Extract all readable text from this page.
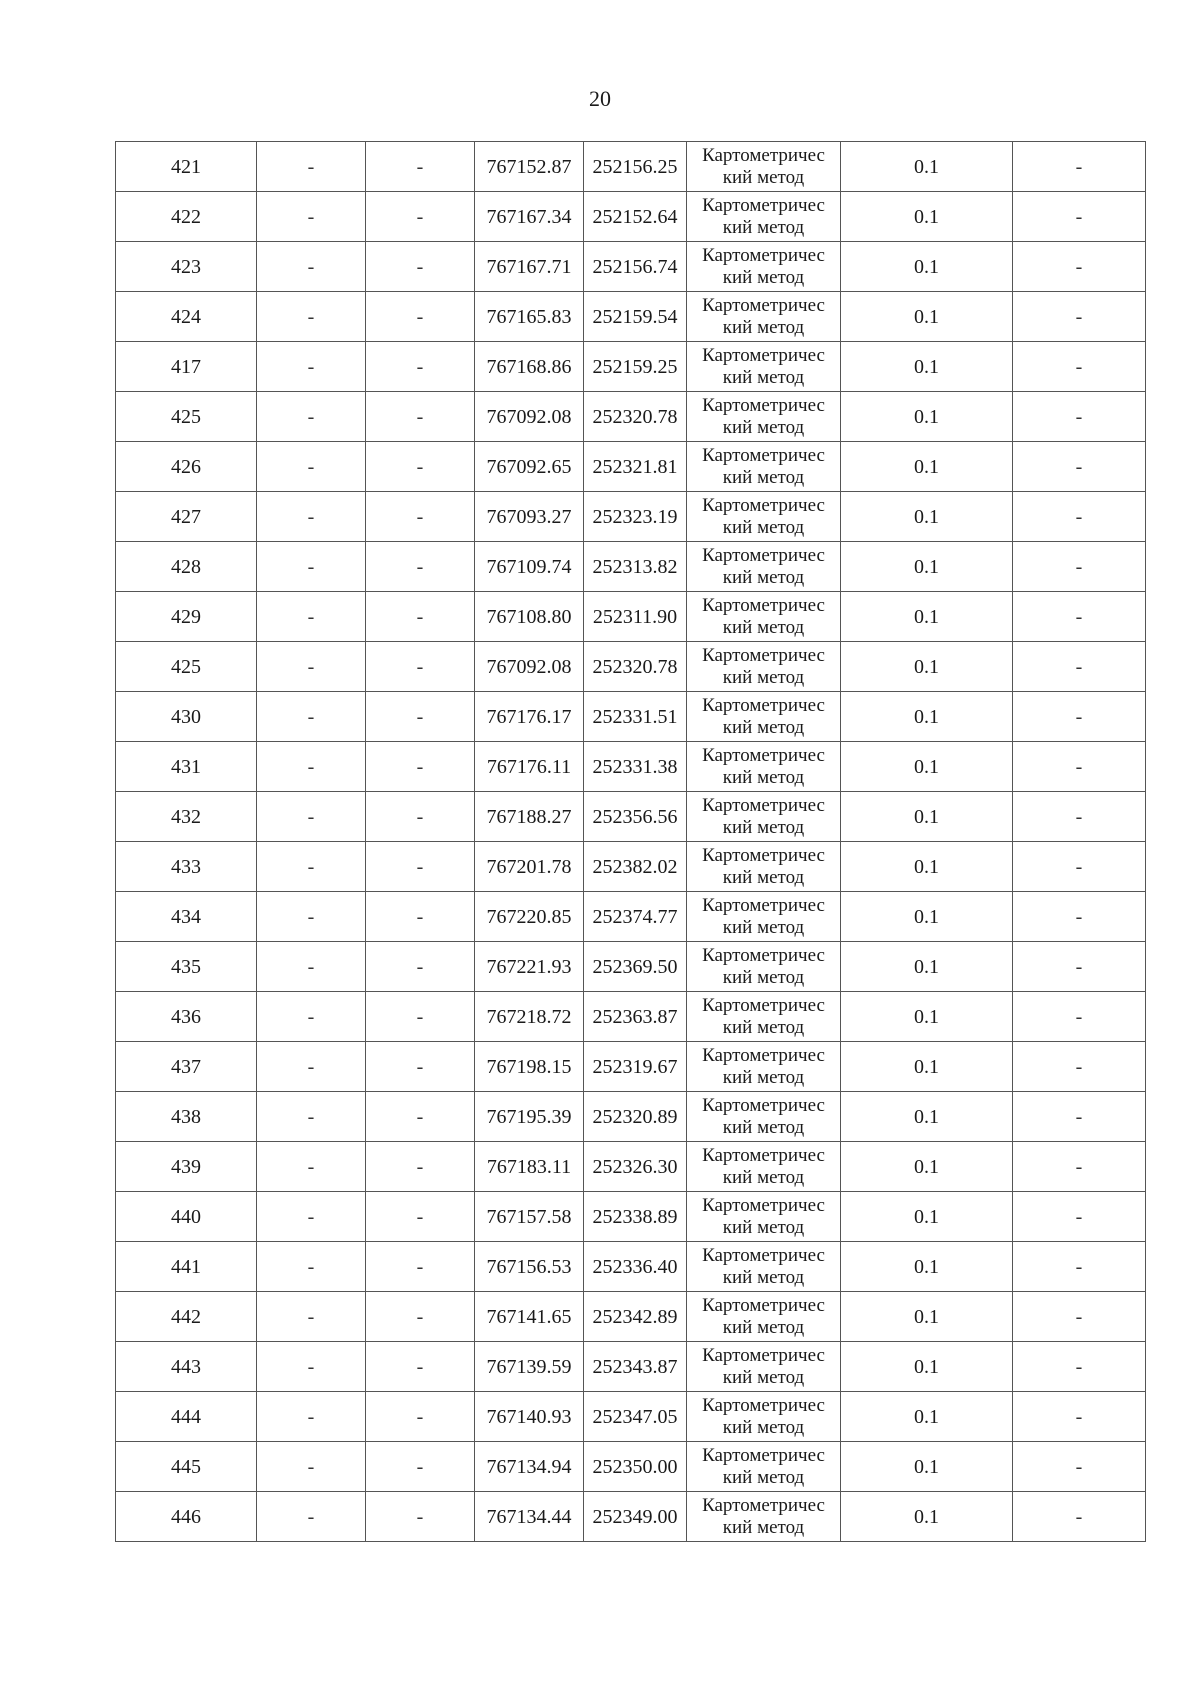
20
421	-	-	767152.87	252156.25	Картометричес
кий метод	0.1	-
422	-	-	767167.34	252152.64	Картометричес
кий метод	0.1	-
423	-	-	767167.71	252156.74	Картометричес
кий метод	0.1	-
424	-	-	767165.83	252159.54	Картометричес
кий метод	0.1	-
417	-	-	767168.86	252159.25	Картометричес
кий метод	0.1	-
425	-	-	767092.08	252320.78	Картометричес
кий метод	0.1	-
426	-	-	767092.65	252321.81	Картометричес
кий метод	0.1	-
427	-	-	767093.27	252323.19	Картометричес
кий метод	0.1	-
428	-	-	767109.74	252313.82	Картометричес
кий метод	0.1	-
429	-	-	767108.80	252311.90	Картометричес
кий метод	0.1	-
425	-	-	767092.08	252320.78	Картометричес
кий метод	0.1	-
430	-	-	767176.17	252331.51	Картометричес
кий метод	0.1	-
431	-	-	767176.11	252331.38	Картометричес
кий метод	0.1	-
432	-	-	767188.27	252356.56	Картометричес
кий метод	0.1	-
433	-	-	767201.78	252382.02	Картометричес
кий метод	0.1	-
434	-	-	767220.85	252374.77	Картометричес
кий метод	0.1	-
435	-	-	767221.93	252369.50	Картометричес
кий метод	0.1	-
436	-	-	767218.72	252363.87	Картометричес
кий метод	0.1	-
437	-	-	767198.15	252319.67	Картометричес
кий метод	0.1	-
438	-	-	767195.39	252320.89	Картометричес
кий метод	0.1	-
439	-	-	767183.11	252326.30	Картометричес
кий метод	0.1	-
440	-	-	767157.58	252338.89	Картометричес
кий метод	0.1	-
441	-	-	767156.53	252336.40	Картометричес
кий метод	0.1	-
442	-	-	767141.65	252342.89	Картометричес
кий метод	0.1	-
443	-	-	767139.59	252343.87	Картометричес
кий метод	0.1	-
444	-	-	767140.93	252347.05	Картометричес
кий метод	0.1	-
445	-	-	767134.94	252350.00	Картометричес
кий метод	0.1	-
446	-	-	767134.44	252349.00	Картометричес
кий метод	0.1	-
